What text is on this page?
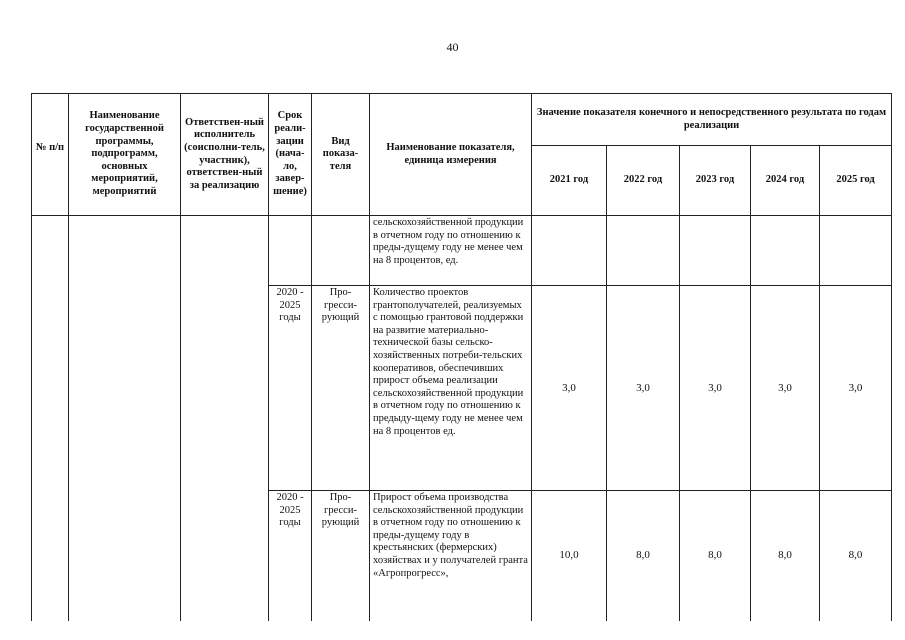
40
№ п/п	Наименование государственной программы, подпрограмм, основных мероприятий, мероприятий	Ответствен-ный исполнитель (соисполни-тель, участник), ответствен-ный за реализацию	Срок реали-зации (нача-ло, завер-шение)	Вид показа-теля	Наименование показателя, единица измерения	Значение показателя конечного и непосредственного результата по годам реализации				
						2021 год	2022 год	2023 год	2024 год	2025 год
					сельскохозяйственной продукции в отчетном году по отношению к преды-дущему году не менее чем на 8 процентов, ед.					
			2020 - 2025 годы	Про-гресси-рующий	Количество проектов грантополучателей, реализуемых с помощью грантовой поддержки на развитие материально-технической базы сельско-хозяйственных потреби-тельских кооперативов, обеспечивших прирост объема реализации сельскохозяйственной продукции в отчетном году по отношению к предыду-щему году не менее чем на 8 процентов ед.	3,0	3,0	3,0	3,0	3,0
			2020 - 2025 годы	Про-гресси-рующий	Прирост объема производства сельскохозяйственной продукции в отчетном году по отношению к преды-дущему году в крестьянских (фермерских) хозяйствах и у получателей гранта «Агропрогресс»,	10,0	8,0	8,0	8,0	8,0
